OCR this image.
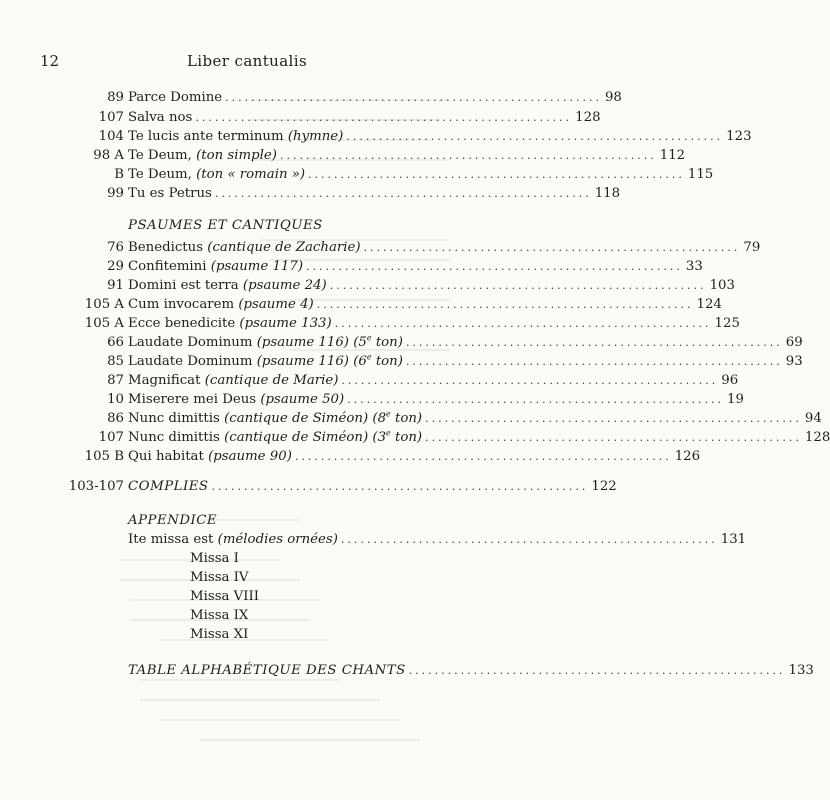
12	Liber cantualis
89 Parce Domine .......................................................... 98
107 Salva nos .......................................................... 128
104 Te lucis ante terminum (hymne) .......................................................... 123
98 A Te Deum, (ton simple) .......................................................... 112
B Te Deum, (ton « romain ») .......................................................... 115
99 Tu es Petrus .......................................................... 118
PSAUMES ET CANTIQUES
76 Benedictus (cantique de Zacharie) .......................................................... 79
29 Confitemini (psaume 117) .......................................................... 33
91 Domini est terra (psaume 24) .......................................................... 103
105 A Cum invocarem (psaume 4) .......................................................... 124
105 A Ecce benedicite (psaume 133) .......................................................... 125
66 Laudate Dominum (psaume 116) (5e ton) .......................................................... 69
85 Laudate Dominum (psaume 116) (6e ton) .......................................................... 93
87 Magnificat (cantique de Marie) .......................................................... 96
10 Miserere mei Deus (psaume 50) .......................................................... 19
86 Nunc dimittis (cantique de Siméon) (8e ton) .......................................................... 94
107 Nunc dimittis (cantique de Siméon) (3e ton) .......................................................... 128
105 B Qui habitat (psaume 90) .......................................................... 126
103-107 COMPLIES .......................................................... 122
APPENDICE
Ite missa est (mélodies ornées) .......................................................... 131
Missa I
Missa IV
Missa VIII
Missa IX
Missa XI
TABLE ALPHABÉTIQUE DES CHANTS .......................................................... 133
